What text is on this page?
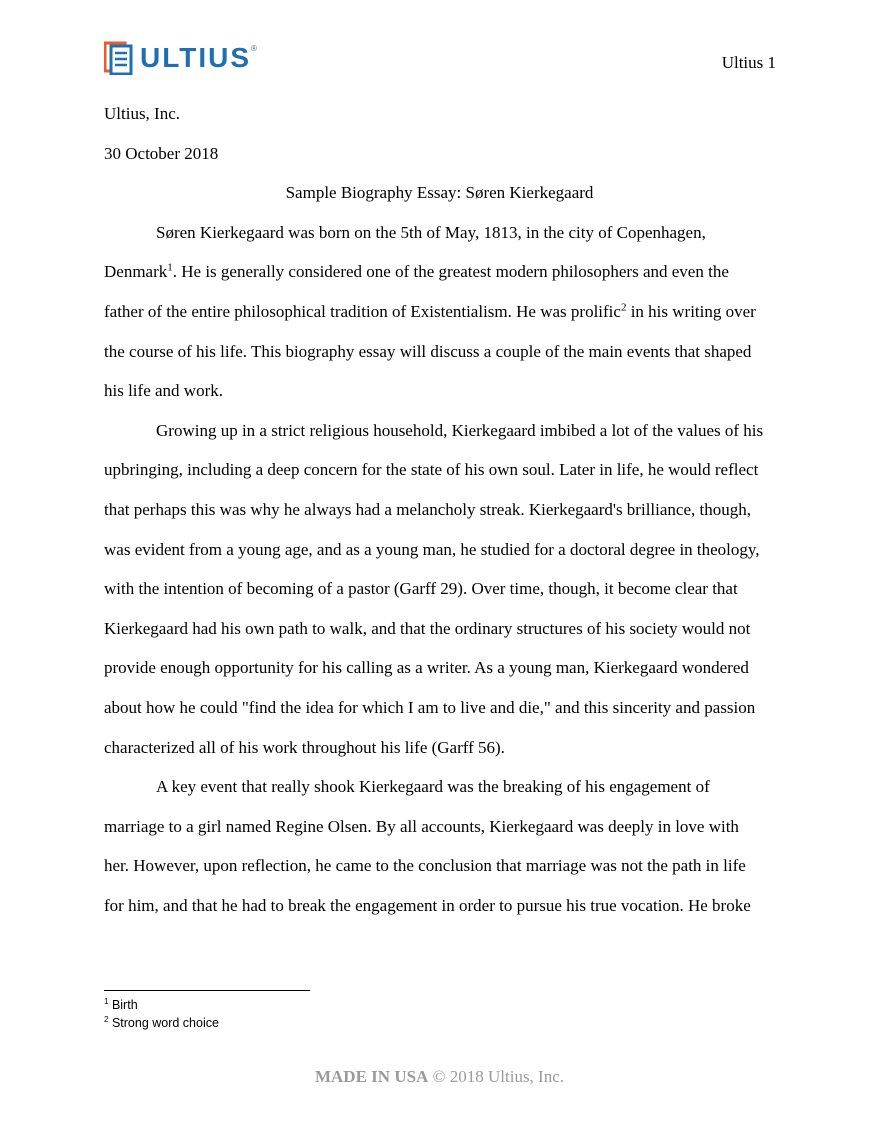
ULTIUS ®
Ultius 1
Ultius, Inc.
30 October 2018
Sample Biography Essay: Søren Kierkegaard
Søren Kierkegaard was born on the 5th of May, 1813, in the city of Copenhagen,
Denmark$^1$. He is generally considered one of the greatest modern philosophers and even the
father of the entire philosophical tradition of Existentialism. He was prolific$^2$ in his writing over
the course of his life. This biography essay will discuss a couple of the main events that shaped
his life and work.
Growing up in a strict religious household, Kierkegaard imbibed a lot of the values of his
upbringing, including a deep concern for the state of his own soul. Later in life, he would reflect
that perhaps this was why he always had a melancholy streak. Kierkegaard's brilliance, though,
was evident from a young age, and as a young man, he studied for a doctoral degree in theology,
with the intention of becoming of a pastor (Garff 29). Over time, though, it become clear that
Kierkegaard had his own path to walk, and that the ordinary structures of his society would not
provide enough opportunity for his calling as a writer. As a young man, Kierkegaard wondered
about how he could "find the idea for which I am to live and die," and this sincerity and passion
characterized all of his work throughout his life (Garff 56).
A key event that really shook Kierkegaard was the breaking of his engagement of
marriage to a girl named Regine Olsen. By all accounts, Kierkegaard was deeply in love with
her. However, upon reflection, he came to the conclusion that marriage was not the path in life
for him, and that he had to break the engagement in order to pursue his true vocation. He broke
$^1$ Birth
$^2$ Strong word choice
MADE IN USA © 2018 Ultius, Inc.
